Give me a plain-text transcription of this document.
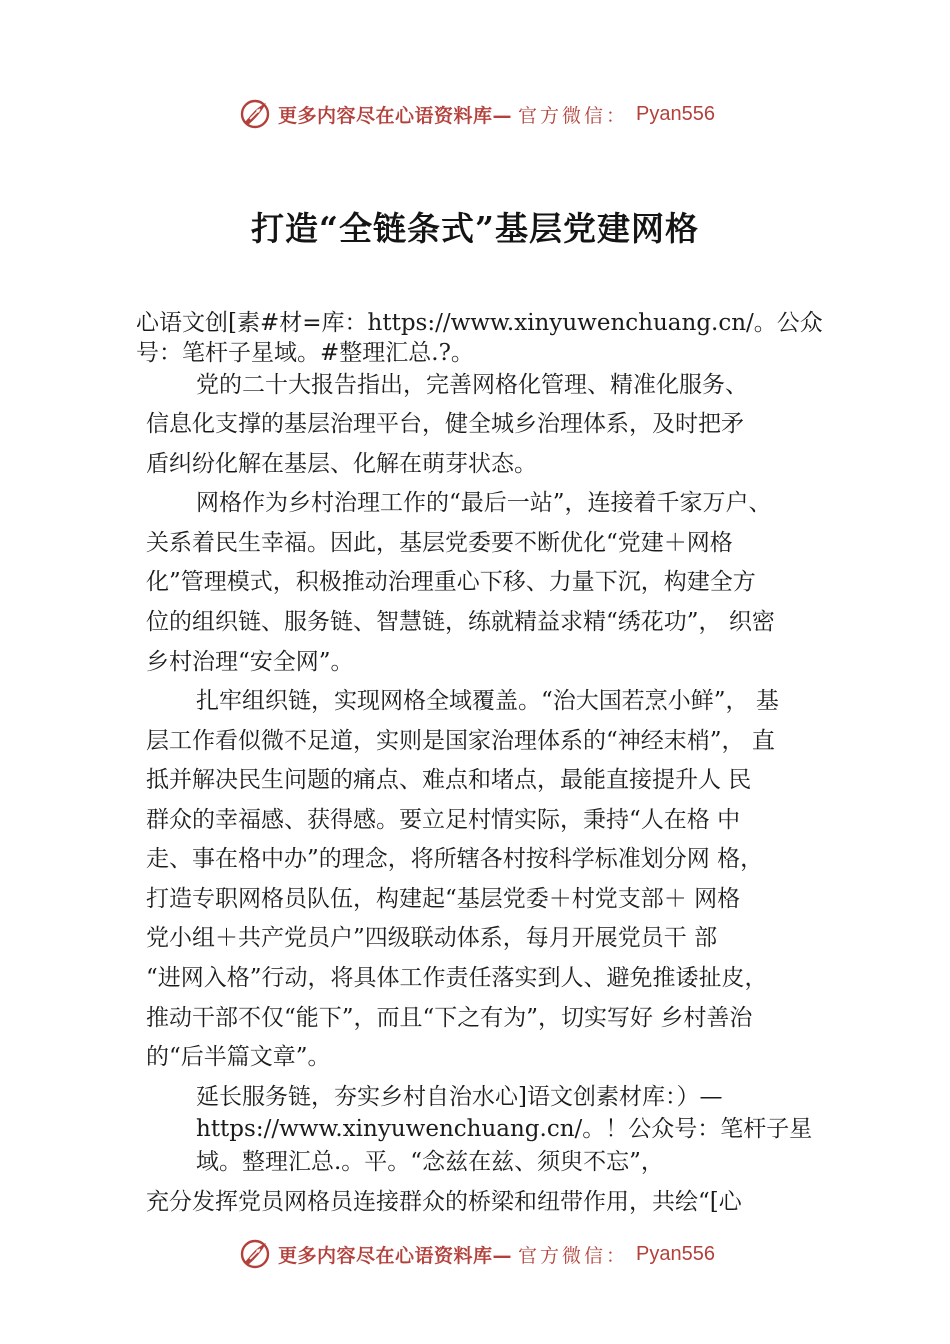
更多内容尽在心语资料库— 官方微信： Pyan556
打造“全链条式”基层党建网格
心语文创[素#材=库：https://www.xinyuwenchuang.cn/。公众
号：笔杆子星域。#整理汇总.?。
党的二十大报告指出，完善网格化管理、精准化服务、
信息化支撑的基层治理平台，健全城乡治理体系，及时把矛
盾纠纷化解在基层、化解在萌芽状态。
网格作为乡村治理工作的“最后一站”，连接着千家万户、
关系着民生幸福。因此，基层党委要不断优化“党建＋网格
化”管理模式，积极推动治理重心下移、力量下沉，构建全方
位的组织链、服务链、智慧链，练就精益求精“绣花功”， 织密
乡村治理“安全网”。
扎牢组织链，实现网格全域覆盖。“治大国若烹小鲜”， 基
层工作看似微不足道，实则是国家治理体系的“神经末梢”， 直
抵并解决民生问题的痛点、难点和堵点，最能直接提升人 民
群众的幸福感、获得感。要立足村情实际，秉持“人在格 中
走、事在格中办”的理念，将所辖各村按科学标准划分网 格，
打造专职网格员队伍，构建起“基层党委＋村党支部＋ 网格
党小组＋共产党员户”四级联动体系，每月开展党员干 部
“进网入格”行动，将具体工作责任落实到人、避免推诿扯皮，
推动干部不仅“能下”，而且“下之有为”，切实写好 乡村善治
的“后半篇文章”。
延长服务链，夯实乡村自治水心]语文创素材库：）—
https://www.xinyuwenchuang.cn/。！公众号：笔杆子星
域。整理汇总.。平。“念兹在兹、须臾不忘”，
充分发挥党员网格员连接群众的桥梁和纽带作用，共绘“[心
更多内容尽在心语资料库— 官方微信： Pyan556
